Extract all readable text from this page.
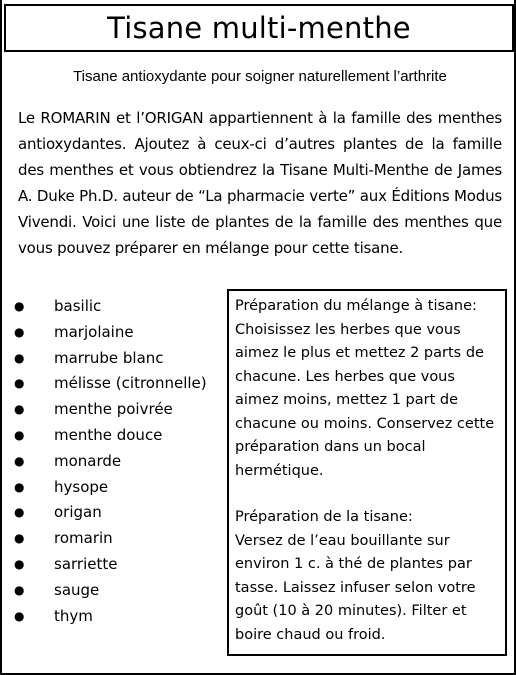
Tisane multi-menthe
Tisane antioxydante pour soigner naturellement l’arthrite
Le ROMARIN et l’ORIGAN appartiennent à la famille des menthes antioxydantes. Ajoutez à ceux-ci d’autres plantes de la famille des menthes et vous obtiendrez la Tisane Multi-Menthe de James A. Duke Ph.D. auteur de “La pharmacie verte” aux Éditions Modus Vivendi. Voici une liste de plantes de la famille des menthes que vous pouvez préparer en mélange pour cette tisane.
●	basilic
●	marjolaine
●	marrube blanc
●	mélisse (citronnelle)
●	menthe poivrée
●	menthe douce
●	monarde
●	hysope
●	origan
●	romarin
●	sarriette
●	sauge
●	thym

Préparation du mélange à tisane:

Choisissez les herbes que vous aimez le plus et mettez 2 parts de chacune. Les herbes que vous aimez moins, mettez 1 part de chacune ou moins. Conservez cette préparation dans un bocal hermétique.

Préparation de la tisane:

Versez de l’eau bouillante sur environ 1 c. à thé de plantes par tasse. Laissez infuser selon votre goût (10 à 20 minutes). Filter et boire chaud ou froid.
